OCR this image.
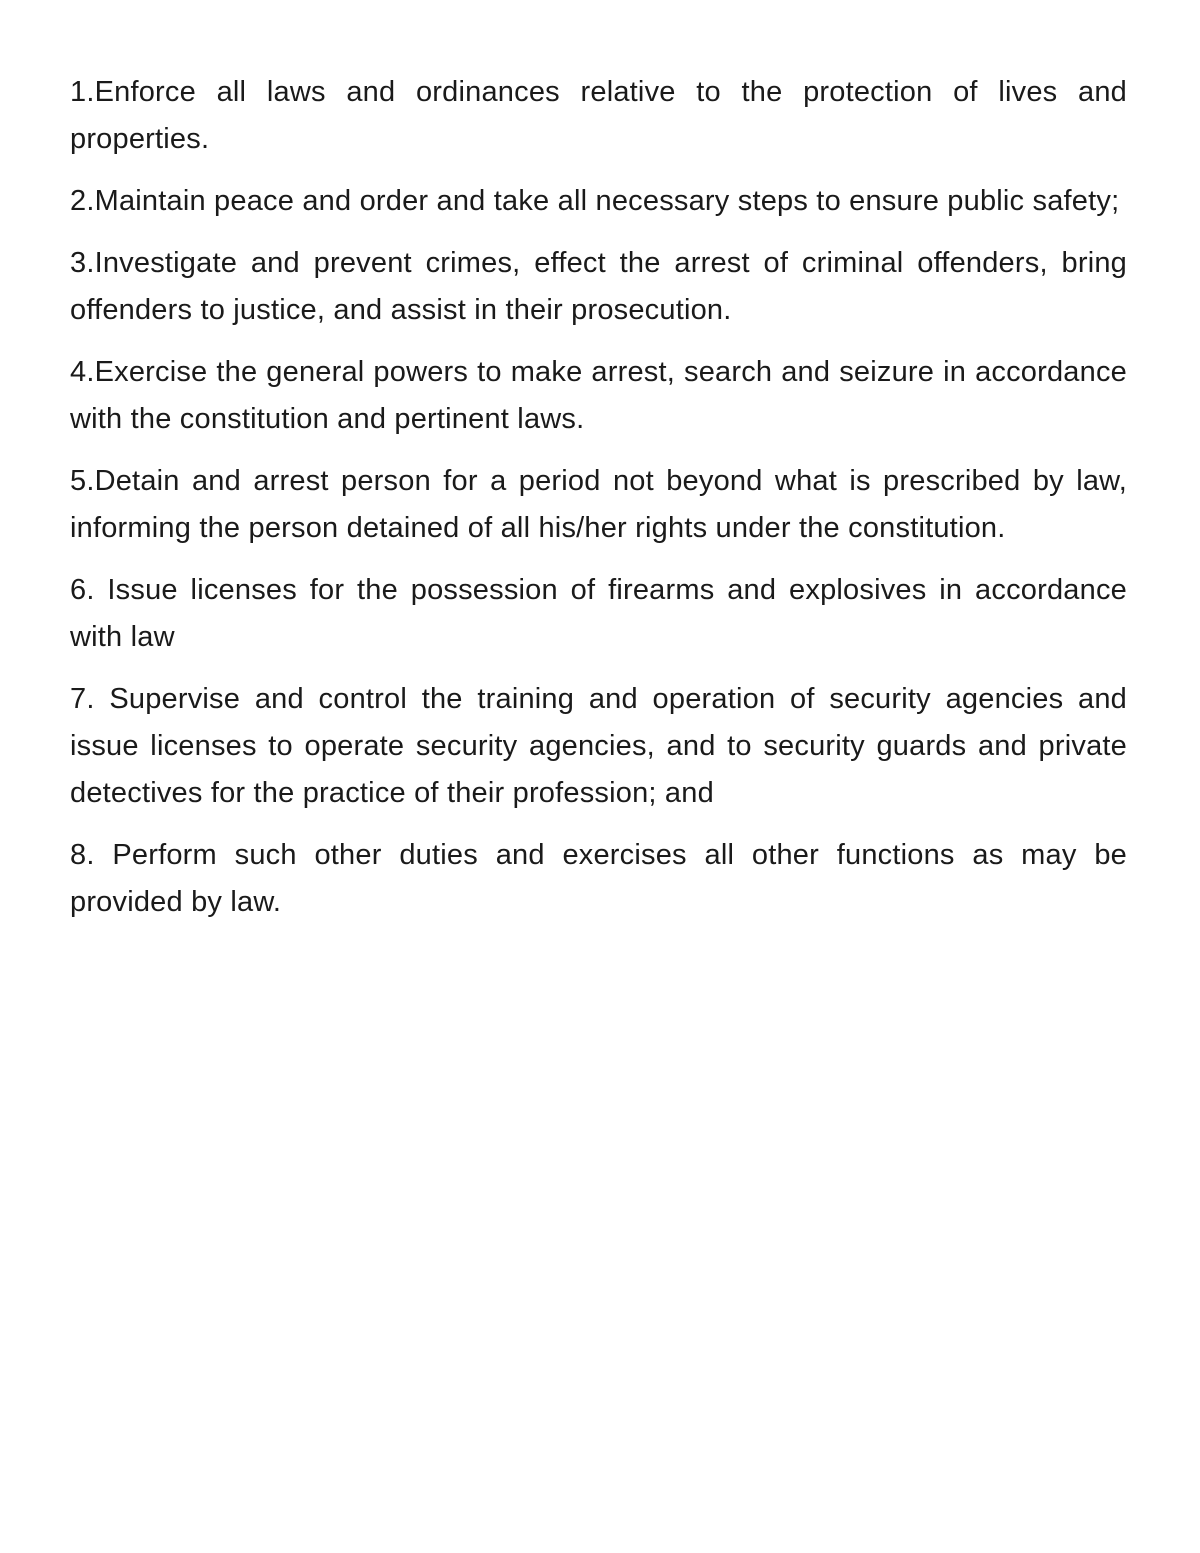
1.Enforce all laws and ordinances relative to the protection of lives and properties.

2.Maintain peace and order and take all necessary steps to ensure public safety;

3.Investigate and prevent crimes, effect the arrest of criminal offenders, bring offenders to justice, and assist in their prosecution.

4.Exercise the general powers to make arrest, search and seizure in accordance with the constitution and pertinent laws.

5.Detain and arrest person for a period not beyond what is prescribed by law, informing the person detained of all his/her rights under the constitution.

6. Issue licenses for the possession of firearms and explosives in accordance with law

7. Supervise and control the training and operation of security agencies and issue licenses to operate security agencies, and to security guards and private detectives for the practice of their profession; and

8. Perform such other duties and exercises all other functions as may be provided by law.
